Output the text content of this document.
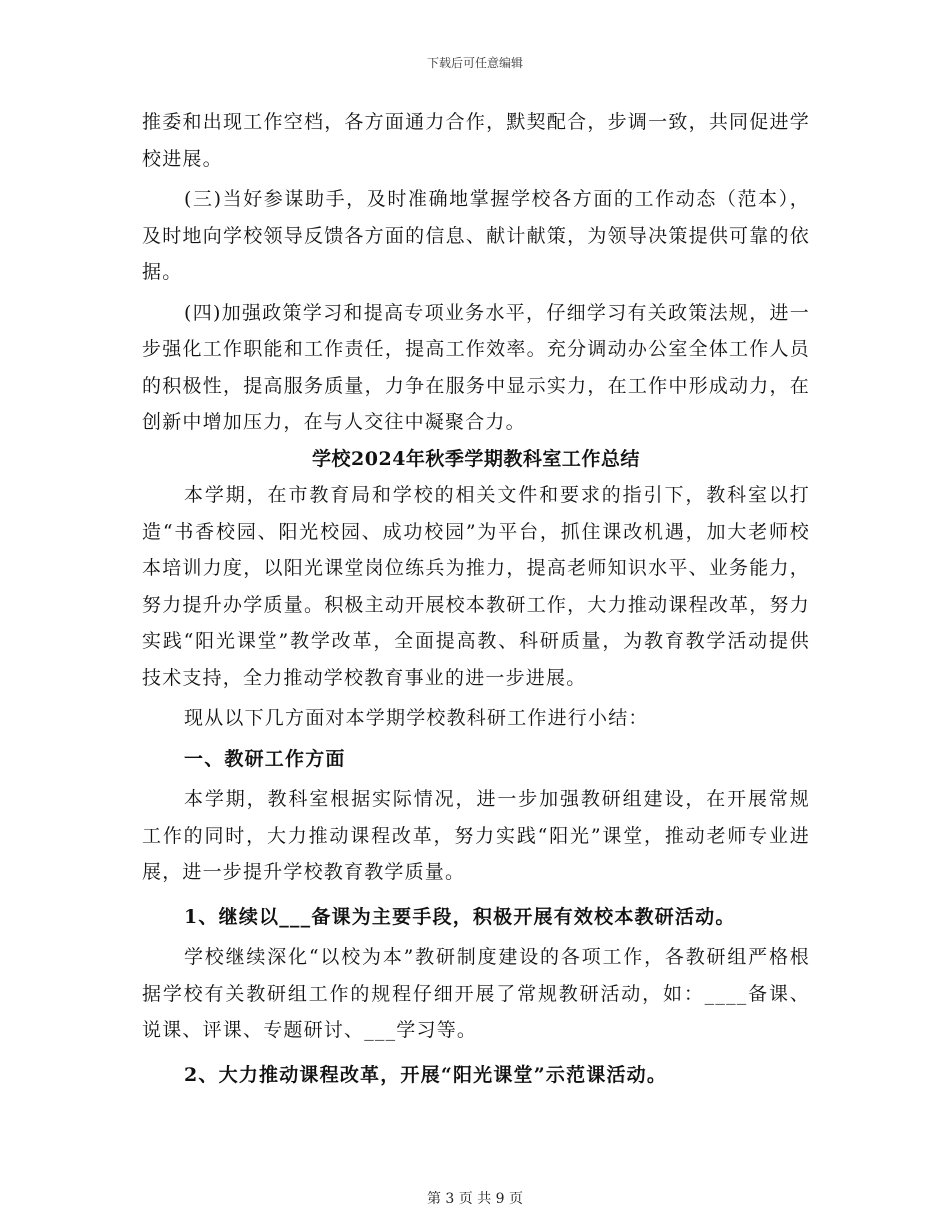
下载后可任意编辑

推委和出现工作空档，各方面通力合作，默契配合，步调一致，共同促进学校进展。

(三)当好参谋助手，及时准确地掌握学校各方面的工作动态（范本），及时地向学校领导反馈各方面的信息、献计献策，为领导决策提供可靠的依据。

(四)加强政策学习和提高专项业务水平，仔细学习有关政策法规，进一步强化工作职能和工作责任，提高工作效率。充分调动办公室全体工作人员的积极性，提高服务质量，力争在服务中显示实力，在工作中形成动力，在创新中增加压力，在与人交往中凝聚合力。

学校2024年秋季学期教科室工作总结

本学期，在市教育局和学校的相关文件和要求的指引下，教科室以打造“书香校园、阳光校园、成功校园”为平台，抓住课改机遇，加大老师校本培训力度，以阳光课堂岗位练兵为推力，提高老师知识水平、业务能力，努力提升办学质量。积极主动开展校本教研工作，大力推动课程改革，努力实践“阳光课堂”教学改革，全面提高教、科研质量，为教育教学活动提供技术支持，全力推动学校教育事业的进一步进展。

现从以下几方面对本学期学校教科研工作进行小结：

一、教研工作方面

本学期，教科室根据实际情况，进一步加强教研组建设，在开展常规工作的同时，大力推动课程改革，努力实践“阳光”课堂，推动老师专业进展，进一步提升学校教育教学质量。

1、继续以___备课为主要手段，积极开展有效校本教研活动。

学校继续深化“以校为本”教研制度建设的各项工作，各教研组严格根据学校有关教研组工作的规程仔细开展了常规教研活动，如：____备课、说课、评课、专题研讨、___学习等。

2、大力推动课程改革，开展“阳光课堂”示范课活动。

第 3 页 共 9 页
